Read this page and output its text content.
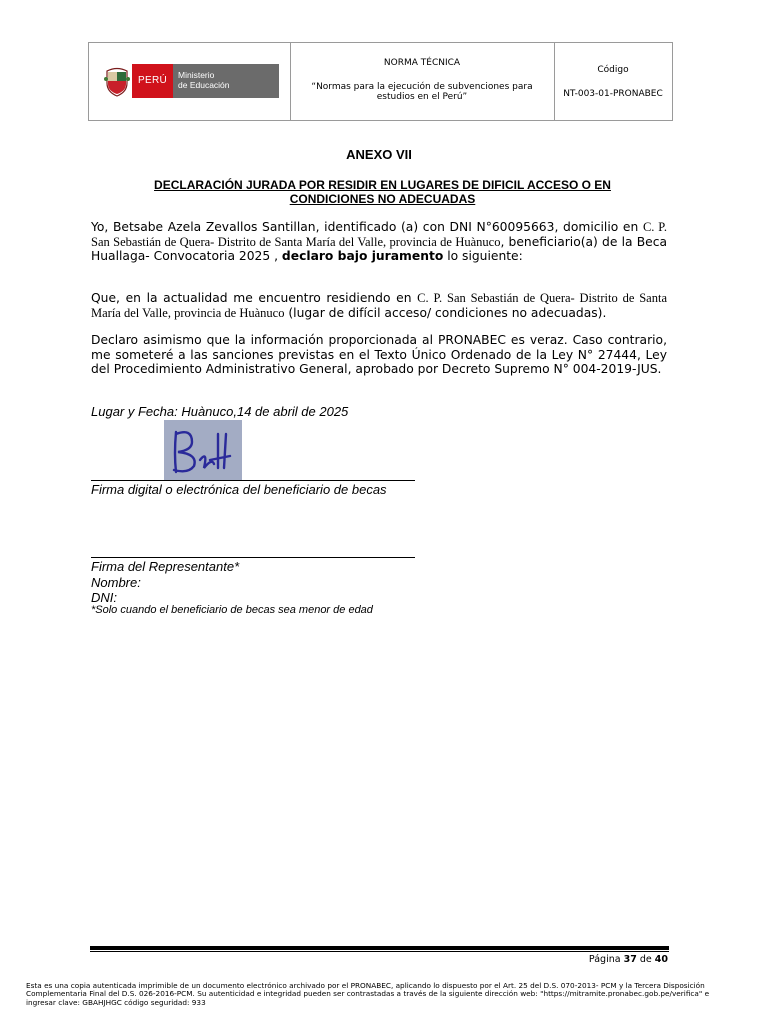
PERÚ	Ministerio
de Educación
NORMA TÉCNICA
“Normas para la ejecución de subvenciones para estudios en el Perú”
Código
NT-003-01-PRONABEC
ANEXO VII
DECLARACIÓN JURADA POR RESIDIR EN LUGARES DE DIFICIL ACCESO O EN CONDICIONES NO ADECUADAS
Yo, Betsabe Azela Zevallos Santillan, identificado (a) con DNI N°60095663, domicilio en C. P. San Sebastián de Quera- Distrito de Santa María del Valle, provincia de Huànuco, beneficiario(a) de la Beca Huallaga- Convocatoria 2025 , declaro bajo juramento lo siguiente:
Que, en la actualidad me encuentro residiendo en C. P. San Sebastián de Quera- Distrito de Santa María del Valle, provincia de Huànuco (lugar de difícil acceso/ condiciones no adecuadas).
Declaro asimismo que la información proporcionada al PRONABEC es veraz. Caso contrario, me someteré a las sanciones previstas en el Texto Único Ordenado de la Ley N° 27444, Ley del Procedimiento Administrativo General, aprobado por Decreto Supremo N° 004-2019-JUS.
Lugar y Fecha: Huànuco,14 de abril de 2025
Firma digital o electrónica del beneficiario de becas
Firma del Representante*
Nombre:
DNI:
*Solo cuando el beneficiario de becas sea menor de edad
Página 37 de 40
Esta es una copia autenticada imprimible de un documento electrónico archivado por el PRONABEC, aplicando lo dispuesto por el Art. 25 del D.S. 070-2013- PCM y la Tercera Disposición Complementaria Final del D.S. 026-2016-PCM. Su autenticidad e integridad pueden ser contrastadas a través de la siguiente dirección web: "https://mitramite.pronabec.gob.pe/verifica" e ingresar clave: GBAHJHGC código seguridad: 933
